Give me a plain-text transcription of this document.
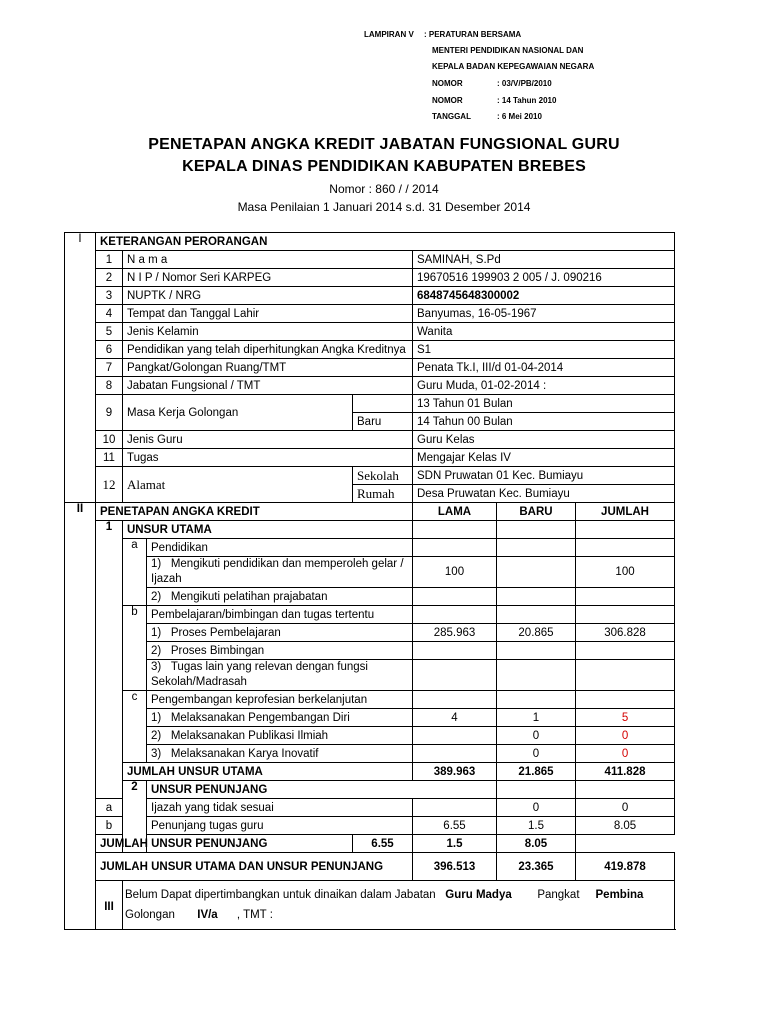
LAMPIRAN V : PERATURAN BERSAMA
MENTERI PENDIDIKAN NASIONAL DAN
KEPALA BADAN KEPEGAWAIAN NEGARA
NOMOR	: 03/V/PB/2010
NOMOR	: 14 Tahun 2010
TANGGAL	: 6 Mei 2010
PENETAPAN ANGKA KREDIT JABATAN FUNGSIONAL GURU
KEPALA DINAS PENDIDIKAN KABUPATEN BREBES
Nomor : 860 / / 2014
Masa Penilaian 1 Januari 2014 s.d. 31 Desember 2014
I	KETERANGAN PERORANGAN							
	1	N a m a			SAMINAH, S.Pd			
	2	N I P / Nomor Seri KARPEG			19670516 199903 2 005 / J. 090216			
	3	NUPTK / NRG			6848745648300002			
	4	Tempat dan Tanggal Lahir			Banyumas, 16-05-1967			
	5	Jenis Kelamin			Wanita			
	6	Pendidikan yang telah diperhitungkan Angka Kreditnya			S1			
	7	Pangkat/Golongan Ruang/TMT			Penata Tk.I, III/d 01-04-2014			
	8	Jabatan Fungsional / TMT			Guru Muda, 01-02-2014 :			
	9	Masa Kerja Golongan			13 Tahun 01 Bulan			
				Baru	14 Tahun 00 Bulan			
	10	Jenis Guru			Guru Kelas			
	11	Tugas			Mengajar Kelas IV			
	12	Alamat		Sekolah	SDN Pruwatan 01 Kec. Bumiayu			
				Rumah	Desa Pruwatan Kec. Bumiayu			
II	PENETAPAN ANGKA KREDIT				LAMA	BARU	JUMLAH	
	1	UNSUR UTAMA						
		a	Pendidikan					
			1) Mengikuti pendidikan dan memperoleh gelar / Ijazah		100		100	
			2) Mengikuti pelatihan prajabatan					
		b	Pembelajaran/bimbingan dan tugas tertentu					
			1) Proses Pembelajaran		285.963	20.865	306.828	
			2) Proses Bimbingan					
			3) Tugas lain yang relevan dengan fungsi Sekolah/Madrasah					
		c	Pengembangan keprofesian berkelanjutan					
			1) Melaksanakan Pengembangan Diri		4	1	5	
			2) Melaksanakan Publikasi Ilmiah			0	0	
			3) Melaksanakan Karya Inovatif			0	0	
		JUMLAH UNSUR UTAMA			389.963	21.865	411.828	
		2	UNSUR PENUNJANG					
	a		Ijazah yang tidak sesuai			0	0	
	b		Penunjang tugas guru		6.55	1.5	8.05	
	JUMLAH UNSUR PENUNJANG			6.55	1.5	8.05		
	JUMLAH UNSUR UTAMA DAN UNSUR PENUNJANG				396.513	23.365	419.878	
	III	Belum Dapat dipertimbangkan untuk dinaikan dalam Jabatan Guru Madya Pangkat Pembina
Golongan IV/a , TMT :						
